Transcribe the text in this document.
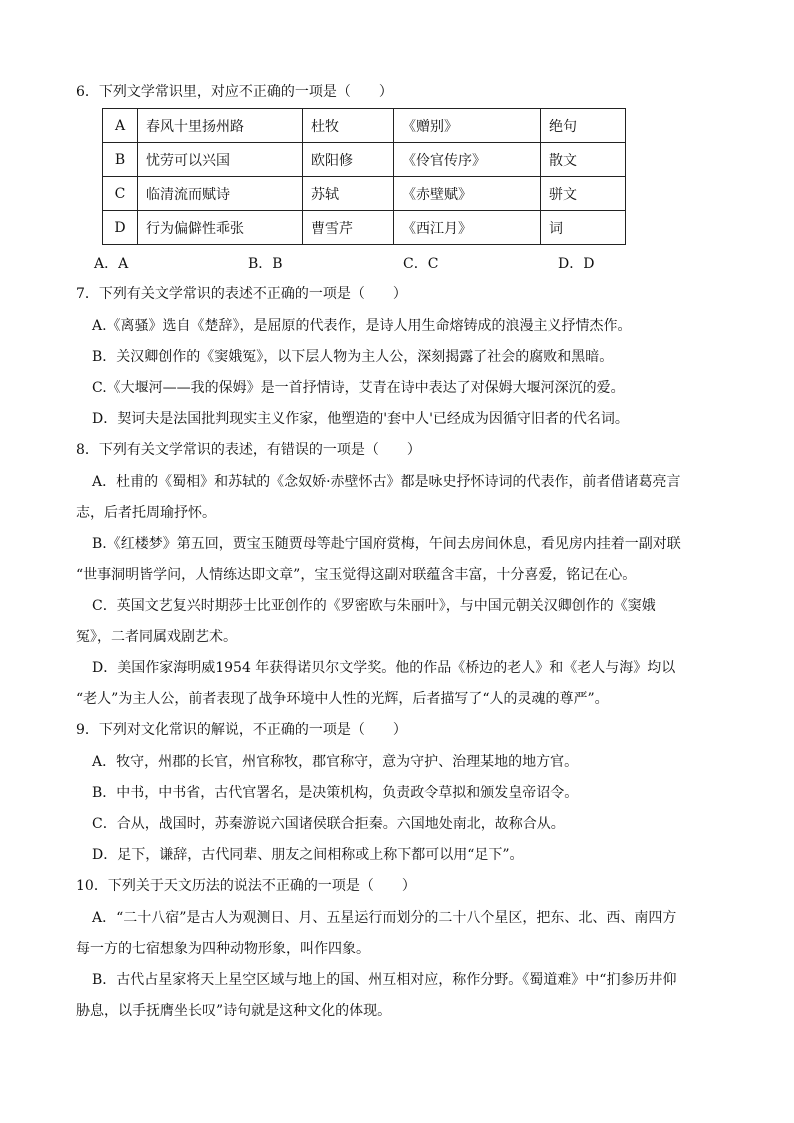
6．下列文学常识里，对应不正确的一项是（　　）
A	春风十里扬州路	杜牧	《赠别》	绝句
B	忧劳可以兴国	欧阳修	《伶官传序》	散文
C	临清流而赋诗	苏轼	《赤壁赋》	骈文
D	行为偏僻性乖张	曹雪芹	《西江月》	词
A．A	B．B	C．C	D．D
7．下列有关文学常识的表述不正确的一项是（　　）
A.《离骚》选自《楚辞》，是屈原的代表作，是诗人用生命熔铸成的浪漫主义抒情杰作。
B．关汉卿创作的《窦娥冤》，以下层人物为主人公，深刻揭露了社会的腐败和黑暗。
C.《大堰河——我的保姆》是一首抒情诗，艾青在诗中表达了对保姆大堰河深沉的爱。
D．契诃夫是法国批判现实主义作家，他塑造的'套中人'已经成为因循守旧者的代名词。
8．下列有关文学常识的表述，有错误的一项是（　　）
A．杜甫的《蜀相》和苏轼的《念奴娇·赤壁怀古》都是咏史抒怀诗词的代表作，前者借诸葛亮言
志，后者托周瑜抒怀。
B.《红楼梦》第五回，贾宝玉随贾母等赴宁国府赏梅，午间去房间休息，看见房内挂着一副对联
“世事洞明皆学问，人情练达即文章”，宝玉觉得这副对联蕴含丰富，十分喜爱，铭记在心。
C．英国文艺复兴时期莎士比亚创作的《罗密欧与朱丽叶》，与中国元朝关汉卿创作的《窦娥
冤》，二者同属戏剧艺术。
D．美国作家海明威1954 年获得诺贝尔文学奖。他的作品《桥边的老人》和《老人与海》均以
“老人”为主人公，前者表现了战争环境中人性的光辉，后者描写了“人的灵魂的尊严”。
9．下列对文化常识的解说，不正确的一项是（　　）
A．牧守，州郡的长官，州官称牧，郡官称守，意为守护、治理某地的地方官。
B．中书，中书省，古代官署名，是决策机构，负责政令草拟和颁发皇帝诏令。
C．合从，战国时，苏秦游说六国诸侯联合拒秦。六国地处南北，故称合从。
D．足下，谦辞，古代同辈、朋友之间相称或上称下都可以用“足下”。
10．下列关于天文历法的说法不正确的一项是（　　）
A．“二十八宿”是古人为观测日、月、五星运行而划分的二十八个星区，把东、北、西、南四方
每一方的七宿想象为四种动物形象，叫作四象。
B．古代占星家将天上星空区域与地上的国、州互相对应，称作分野。《蜀道难》中“扪参历井仰
胁息，以手抚膺坐长叹”诗句就是这种文化的体现。
